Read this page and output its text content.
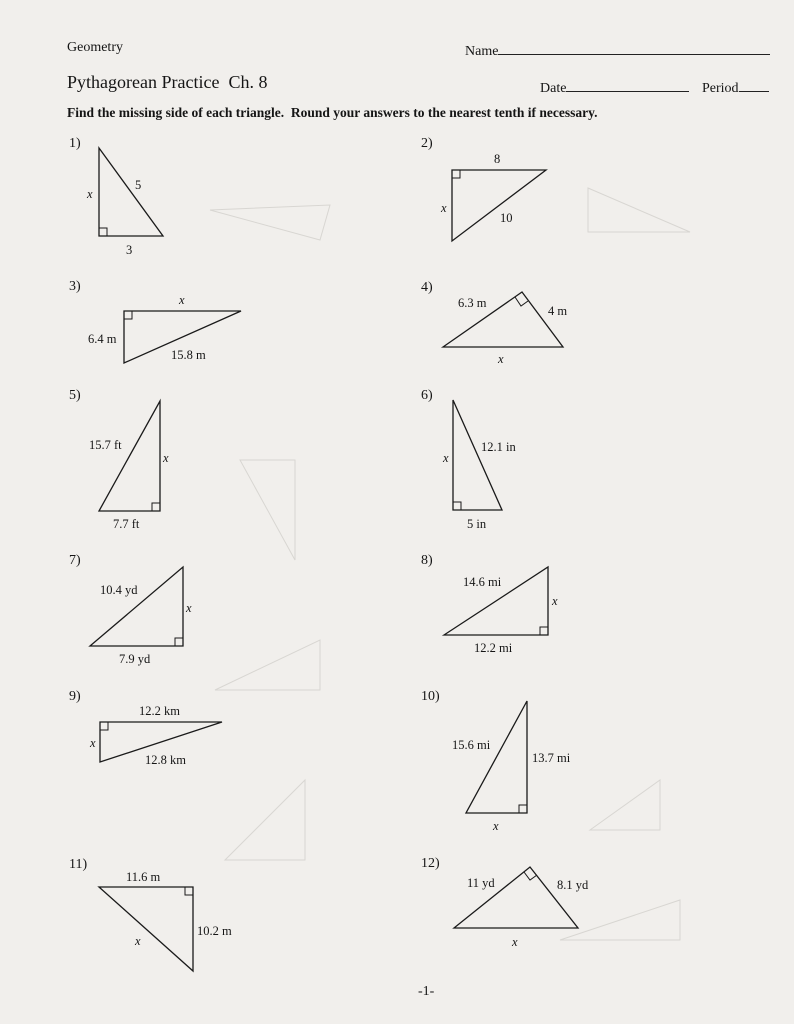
Geometry	Name
Pythagorean Practice  Ch. 8	Date	Period
Find the missing side of each triangle.  Round your answers to the nearest tenth if necessary.
1)
x
5
3
2)
8
x
10
3)
x
6.4 m
15.8 m
4)
6.3 m
4 m
x
5)
15.7 ft
x
7.7 ft
6)
12.1 in
x
5 in
7)
10.4 yd
x
7.9 yd
8)
14.6 mi
x
12.2 mi
9)
12.2 km
x
12.8 km
10)
15.6 mi
13.7 mi
x
11)
11.6 m
x
10.2 m
12)
11 yd	8.1 yd
x
-1-
